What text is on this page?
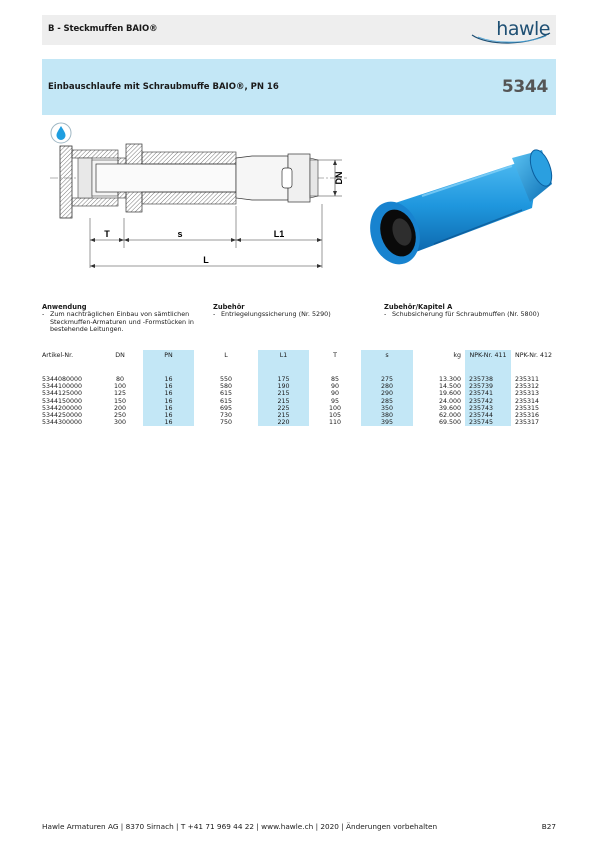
B - Steckmuffen BAIO®	hawle
Einbauschlaufe mit Schraubmuffe BAIO®, PN 16	5344
DN
T	s	L1
L
Anwendung
- Zum nachträglichen Einbau von sämtlichen
Steckmuffen-Armaturen und -Formstücken in
bestehende Leitungen.
Zubehör
- Entriegelungssicherung (Nr. 5290)
Zubehör/Kapitel A
- Schubsicherung für Schraubmuffen (Nr. 5800)
Artikel-Nr.	DN	PN	L	L1	T	s	kg	NPK-Nr. 411	NPK-Nr. 412
5344080000	80	16	550	175	85	275	13.300	235738	235311
5344100000	100	16	580	190	90	280	14.500	235739	235312
5344125000	125	16	615	215	90	290	19.600	235741	235313
5344150000	150	16	615	215	95	285	24.000	235742	235314
5344200000	200	16	695	225	100	350	39.600	235743	235315
5344250000	250	16	730	215	105	380	62.000	235744	235316
5344300000	300	16	750	220	110	395	69.500	235745	235317
Hawle Armaturen AG | 8370 Sirnach | T +41 71 969 44 22 | www.hawle.ch | 2020 | Änderungen vorbehalten	B27
